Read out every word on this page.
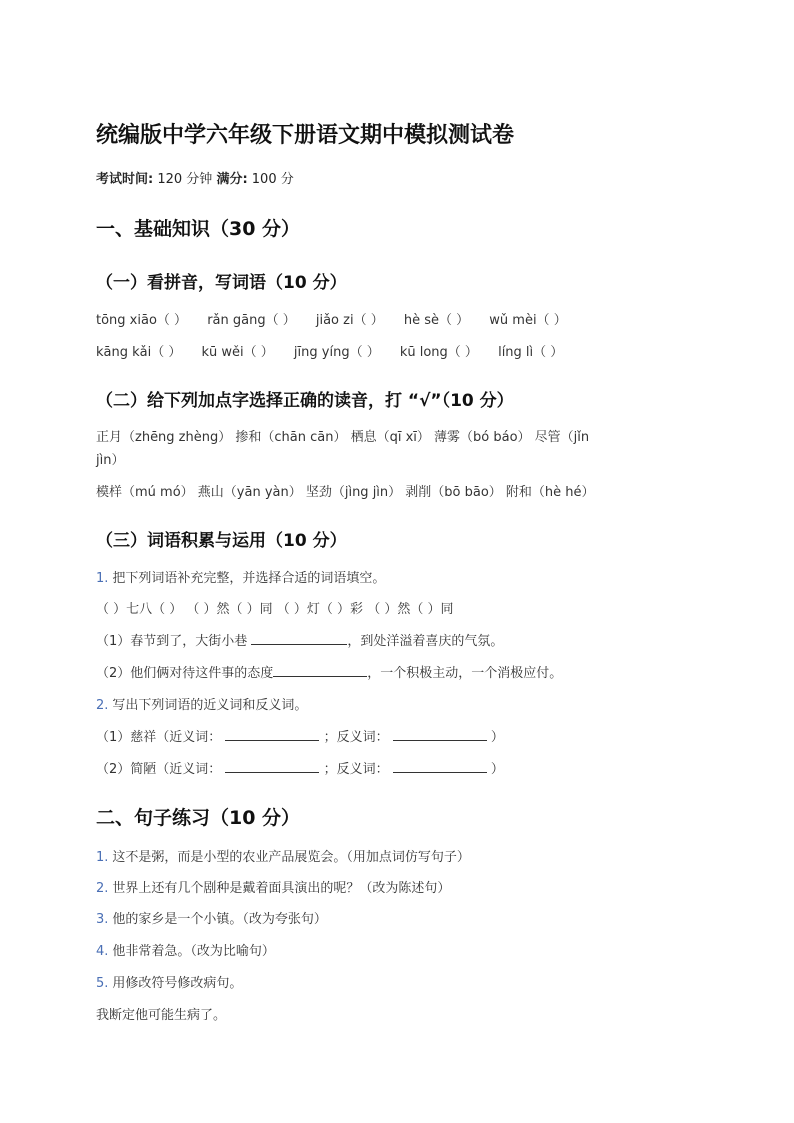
统编版中学六年级下册语文期中模拟测试卷
考试时间: 120 分钟 满分: 100 分
一、基础知识（30 分）
（一）看拼音，写词语（10 分）
tōng xiāo（ ） rǎn gāng（ ） jiǎo zi（ ） hè sè（ ） wǔ mèi（ ）
kāng kǎi（ ） kū wěi（ ） jīng yíng（ ） kū long（ ） líng lì（ ）
（二）给下列加点字选择正确的读音，打 “√”（10 分）
正月（zhēng zhèng） 掺和（chān cān） 栖息（qī xī） 薄雾（bó báo） 尽管（jǐn
jìn）
模样（mú mó） 燕山（yān yàn） 坚劲（jìng jìn） 剥削（bō bāo） 附和（hè hé）
（三）词语积累与运用（10 分）
1. 把下列词语补充完整，并选择合适的词语填空。
（ ）七八（ ） （ ）然（ ）同 （ ）灯（ ）彩 （ ）然（ ）同
（1）春节到了，大街小巷	，到处洋溢着喜庆的气氛。
（2）他们俩对待这件事的态度	，一个积极主动，一个消极应付。
2. 写出下列词语的近义词和反义词。
（1）慈祥（近义词：	；反义词：	）
（2）简陋（近义词：	；反义词：	）
二、句子练习（10 分）
1. 这不是粥，而是小型的农业产品展览会。（用加点词仿写句子）
2. 世界上还有几个剧种是戴着面具演出的呢？（改为陈述句）
3. 他的家乡是一个小镇。（改为夸张句）
4. 他非常着急。（改为比喻句）
5. 用修改符号修改病句。
我断定他可能生病了。
